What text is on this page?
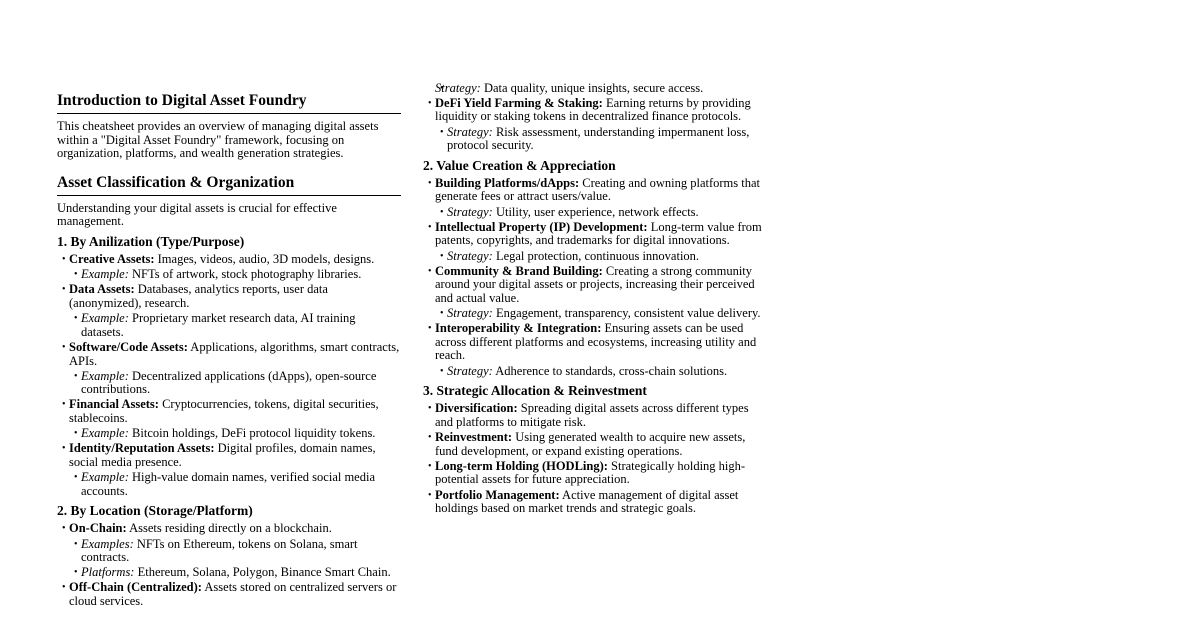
Introduction to Digital Asset Foundry
This cheatsheet provides an overview of managing digital assets within a "Digital Asset Foundry" framework, focusing on organization, platforms, and wealth generation strategies.
Asset Classification & Organization
Understanding your digital assets is crucial for effective management.
1. By Anilization (Type/Purpose)
• Creative Assets: Images, videos, audio, 3D models, designs.
• Example: NFTs of artwork, stock photography libraries.
• Data Assets: Databases, analytics reports, user data (anonymized), research.
• Example: Proprietary market research data, AI training datasets.
• Software/Code Assets: Applications, algorithms, smart contracts, APIs.
• Example: Decentralized applications (dApps), open-source contributions.
• Financial Assets: Cryptocurrencies, tokens, digital securities, stablecoins.
• Example: Bitcoin holdings, DeFi protocol liquidity tokens.
• Identity/Reputation Assets: Digital profiles, domain names, social media presence.
• Example: High-value domain names, verified social media accounts.
2. By Location (Storage/Platform)
• On-Chain: Assets residing directly on a blockchain.
• Examples: NFTs on Ethereum, tokens on Solana, smart contracts.
• Platforms: Ethereum, Solana, Polygon, Binance Smart Chain.
• Off-Chain (Centralized): Assets stored on centralized servers or cloud services.
• Strategy: Data quality, unique insights, secure access.
• DeFi Yield Farming & Staking: Earning returns by providing liquidity or staking tokens in decentralized finance protocols.
• Strategy: Risk assessment, understanding impermanent loss, protocol security.
2. Value Creation & Appreciation
• Building Platforms/dApps: Creating and owning platforms that generate fees or attract users/value.
• Strategy: Utility, user experience, network effects.
• Intellectual Property (IP) Development: Long-term value from patents, copyrights, and trademarks for digital innovations.
• Strategy: Legal protection, continuous innovation.
• Community & Brand Building: Creating a strong community around your digital assets or projects, increasing their perceived and actual value.
• Strategy: Engagement, transparency, consistent value delivery.
• Interoperability & Integration: Ensuring assets can be used across different platforms and ecosystems, increasing utility and reach.
• Strategy: Adherence to standards, cross-chain solutions.
3. Strategic Allocation & Reinvestment
• Diversification: Spreading digital assets across different types and platforms to mitigate risk.
• Reinvestment: Using generated wealth to acquire new assets, fund development, or expand existing operations.
• Long-term Holding (HODLing): Strategically holding high-potential assets for future appreciation.
• Portfolio Management: Active management of digital asset holdings based on market trends and strategic goals.
